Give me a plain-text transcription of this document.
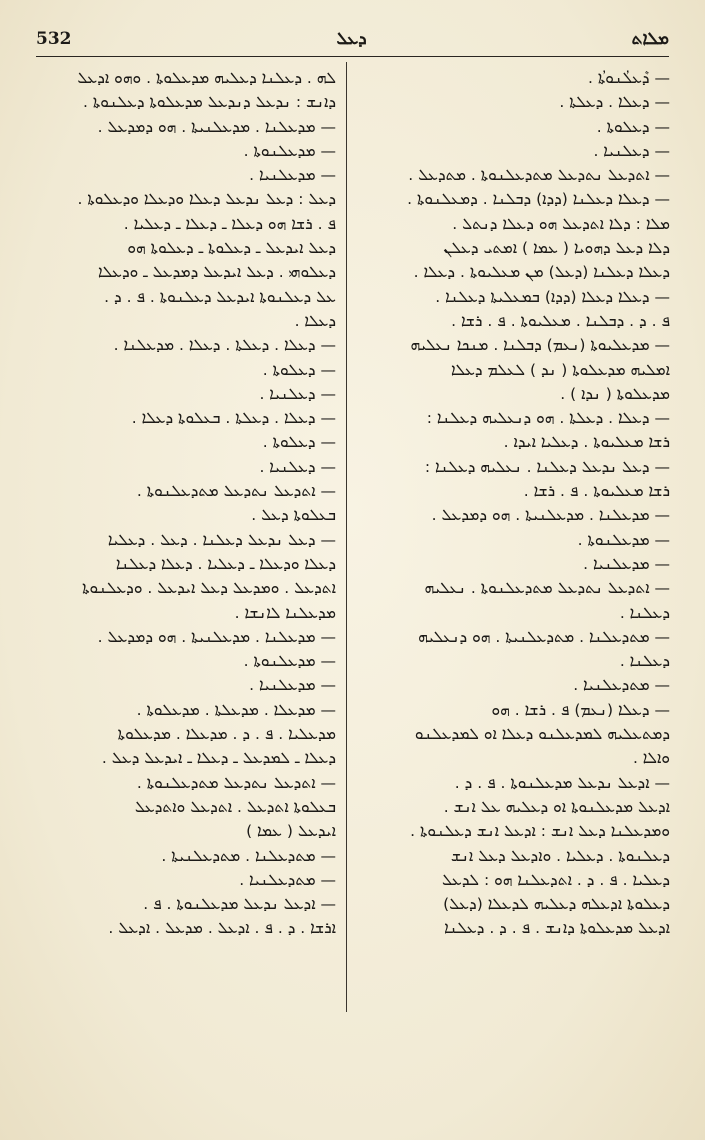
532	ܕܥܠ	ܡܠܐܬ
— ܕܶܥܠܳܢܘܬܳܐ .
— ܕܥܠܐ . ܕܥܠܬܐ .
— ܕܥܠܘܬܐ .
— ܕܥܠܢܝܐ .
— ܐܬܕܥܠ ܢܬܕܥܠ ܡܬܕܥܠܢܘܬܐ . ܡܬܕܥܠ .
— ܕܥܠܐ ܕܥܠܢܐ (ܕܕܐ) ܕܒܠܢܐ . ܕܡܥܠܢܘܬܐ .
ܡܠܐ : ܕܠܐ ܐܬܕܥܠ ܗܘ ܕܥܠܐ ܕܢܬܠ .
ܕܠܐ ܕܥܠ ܕܗܘܝܐ ( ܥܡܐ ) ܐܡܬܝ ܕܥܠܢ
ܕܥܠܐ ܕܥܠܢܐ (ܕܥܠ) ܡܢ ܡܥܠܝܘܬܐ . ܕܥܠܐ .
— ܕܥܠܐ ܕܥܠܐ (ܕܕܐ) ܒܡܥܠܝܬܐ ܕܥܠܢܐ .
ܦ . ܕ . ܕܒܠܢܐ . ܡܥܠܝܘܬܐ . ܦ . ܪܫܐ .
— ܡܕܥܠܝܘܬܐ (ܢܥܡ) ܕܒܠܢܐ . ܡܢܟܐ ܢܥܠܝܗ
ܐܡܠܝܗ ܡܕܥܠܘܬܐ ( ܢܕ ) ܠܥܠܡ ܕܥܠܐ
ܡܕܥܠܘܬܐ ( ܢܕܐ ) .
— ܕܥܠܐ . ܕܥܠܬܐ . ܗܘ ܕܢܥܠܝܗ ܕܥܠܢܐ :
ܪܫܐ ܡܥܠܝܘܬܐ . ܕܥܠܝܐ ܐܝܕܐ .
— ܕܥܠ ܢܕܥܠ ܕܥܠܢܐ . ܢܥܠܝܗ ܕܥܠܢܐ :
ܪܫܐ ܡܥܠܝܘܬܐ . ܦ . ܪܫܐ .
— ܡܕܥܠܢܐ . ܡܕܥܠܢܝܬܐ . ܗܘ ܕܡܕܥܠ .
— ܡܕܥܠܢܘܬܐ .
— ܡܕܥܠܢܝܐ .
— ܐܬܕܥܠ ܢܬܕܥܠ ܡܬܕܥܠܢܘܬܐ . ܢܥܠܝܗ
ܕܥܠܢܐ .
— ܡܬܕܥܠܢܐ . ܡܬܕܥܠܢܝܬܐ . ܗܘ ܕܢܥܠܝܗ
ܕܥܠܢܐ .
— ܡܬܕܥܠܢܝܐ .
— ܕܥܠܐ (ܢܥܡ) ܦ . ܪܫܐ . ܗܘ
ܕܡܬܥܠܝܗ ܠܡܕܥܠܢܘ ܕܥܠܐ ܐܘ ܠܡܕܥܠܢܘ
ܘܐܠܐ .
— ܐܕܥܠ ܢܕܥܠ ܡܕܥܠܢܘܬܐ . ܦ . ܕ .
ܐܕܥܠ ܡܕܥܠܢܘܬܐ ܐܘ ܕܥܠܝܗ ܥܠ ܐܢܫ .
ܘܡܕܥܠܢܐ ܕܥܠ ܐܢܫ : ܐܕܥܠ ܐܢܫ ܕܥܠܢܘܬܐ .
ܕܥܠܢܘܬܐ . ܕܥܠܝܐ . ܘܐܕܥܠ ܕܥܠ ܐܢܫ
ܕܥܠܝܐ . ܦ . ܕ . ܐܬܕܥܠܢܐ ܗܘ : ܠܕܥܠ
ܕܥܠܘܬܐ ܐܕܥܠܗ ܕܥܠܝܗ ܠܕܥܠܐ (ܕܥܠ)
ܐܕܥܠ ܡܕܥܠܘܬܐ ܕܐܢܫ . ܦ . ܕ . ܕܥܠܢܐ
ܠܗ . ܕܥܠܢܐ ܕܥܠܝܗ ܡܕܥܠܘܬܐ . ܘܗܘ ܐܕܥܠ
ܕܐܢܫ : ܢܕܥܠ ܕܢܕܥܠ ܡܕܥܠܘܬܐ ܕܥܠܢܘܬܐ .
— ܡܕܥܠܢܐ . ܡܕܥܠܢܝܬܐ . ܗܘ ܕܡܕܥܠ .
— ܡܕܥܠܢܘܬܐ .
— ܡܕܥܠܢܝܐ .
ܕܥܠ : ܕܥܠ ܢܕܥܠ ܕܥܠܐ ܘܕܥܠܐ ܘܕܥܠܘܬܐ .
ܦ . ܪܫܐ ܗܘ ܕܥܠܐ ـ ܕܥܠܐ ـ ܕܥܠܝܐ .
ܕܥܠ ܐܝܕܥܠ ـ ܕܥܠܘܬܐ ـ ܕܥܠܘܬܐ ܗܘ
ܕܥܠܘܗܝ . ܕܥܠ ܐܝܕܥܠ ܕܡܕܥܠ ـ ܘܕܥܠܐ
ܥܠ ܕܥܠܢܘܬܐ ܐܝܕܥܠ ܕܥܠܢܘܬܐ . ܦ . ܕ .
ܕܥܠܐ .
— ܕܥܠܐ . ܕܥܠܬܐ . ܕܥܠܐ . ܡܕܥܠܢܐ .
— ܕܥܠܘܬܐ .
— ܕܥܠܢܝܐ .
— ܕܥܠܐ . ܕܥܠܬܐ . ܒܥܠܘܬܐ ܕܥܠܐ .
— ܕܥܠܘܬܐ .
— ܕܥܠܢܝܐ .
— ܐܬܕܥܠ ܢܬܕܥܠ ܡܬܕܥܠܢܘܬܐ .
ܒܥܠܘܬܐ ܕܥܠ .
— ܕܥܠ ܢܕܥܠ ܕܥܠܢܐ . ܕܥܠ . ܕܥܠܝܐ
ܕܥܠܐ ܘܕܥܠܐ ـ ܕܥܠܝܐ . ܕܥܠܐ ܕܥܠܢܐ
ܐܬܕܥܠ . ܘܡܕܥܠ ܕܥܠ ܐܝܕܥܠ . ܘܕܥܠܢܘܬܐ
ܡܕܥܠܢܐ ܠܐܢܫܐ .
— ܡܕܥܠܢܐ . ܡܕܥܠܢܝܬܐ . ܗܘ ܕܡܕܥܠ .
— ܡܕܥܠܢܘܬܐ .
— ܡܕܥܠܢܝܐ .
— ܡܕܥܠܐ . ܡܕܥܠܬܐ . ܡܕܥܠܘܬܐ .
ܡܕܥܠܝܐ . ܦ . ܕ . ܡܕܥܠܐ . ܡܕܥܠܘܬܐ
ܕܥܠܐ ـ ܠܡܕܥܠ ـ ܕܥܠܐ ـ ܐܝܕܥܠ ܕܥܠ .
— ܐܬܕܥܠ ܢܬܕܥܠ ܡܬܕܥܠܢܘܬܐ .
ܒܥܠܘܬܐ ܐܬܕܥܠ . ܐܬܕܥܠ ܘܐܬܕܥܠ
ܐܝܕܥܠ ( ܥܡܐ )
— ܡܬܕܥܠܢܐ . ܡܬܕܥܠܢܝܬܐ .
— ܡܬܕܥܠܢܝܐ .
— ܐܕܥܠ ܢܕܥܠ ܡܕܥܠܢܘܬܐ . ܦ .
ܐܪܫܐ . ܕ . ܦ . ܐܕܥܠ . ܡܕܥܠ . ܐܕܥܠ .
